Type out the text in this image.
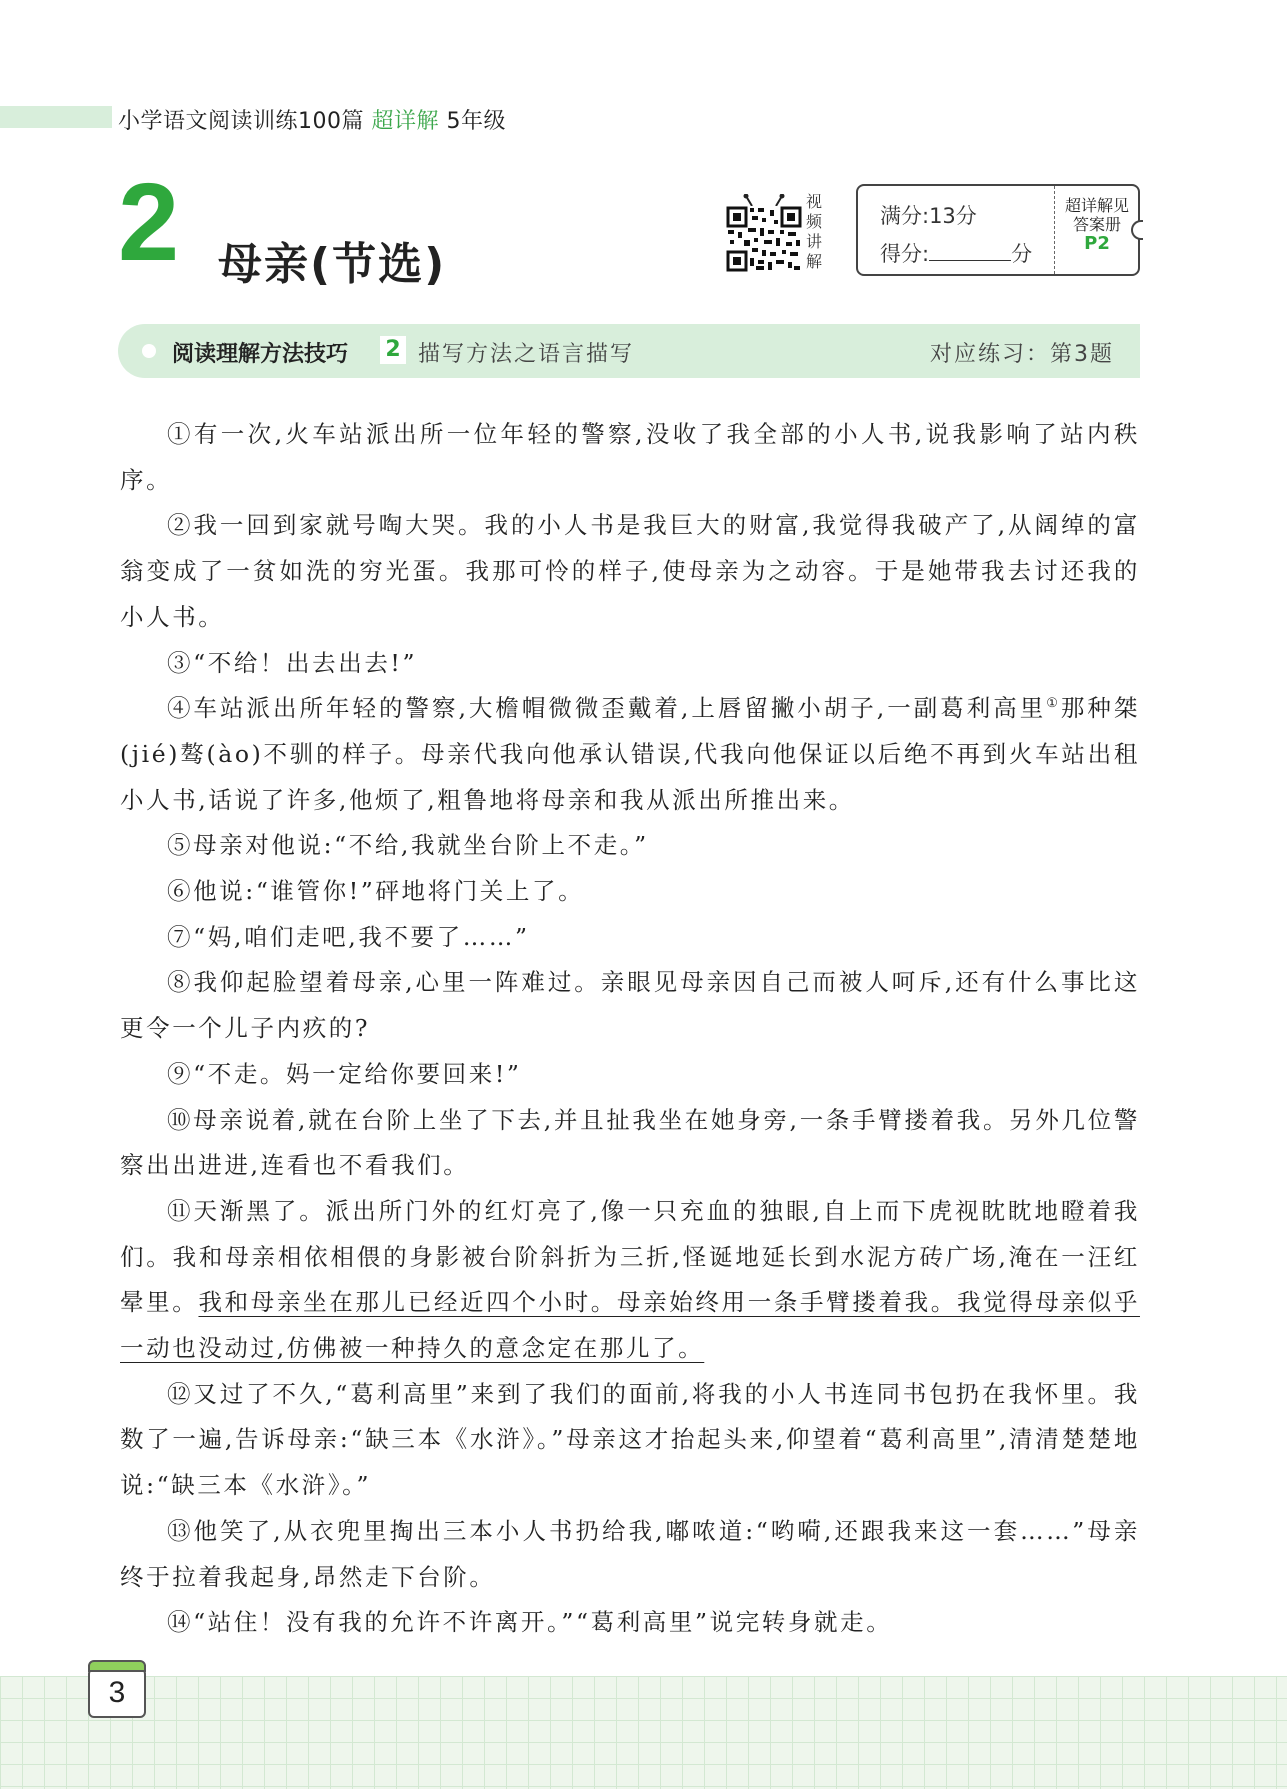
小学语文阅读训练100篇 超详解 5年级
2 母亲(节选)
视
频
讲
解
满分:13分
得分:	分
超详解见
答案册
P2
阅读理解方法技巧 2 描写方法之语言描写	对应练习：第3题

①有一次,火车站派出所一位年轻的警察,没收了我全部的小人书,说我影响了站内秩序。

②我一回到家就号啕大哭。我的小人书是我巨大的财富,我觉得我破产了,从阔绰的富翁变成了一贫如洗的穷光蛋。我那可怜的样子,使母亲为之动容。于是她带我去讨还我的小人书。

③“不给！出去出去!”

④车站派出所年轻的警察,大檐帽微微歪戴着,上唇留撇小胡子,一副葛利高里①那种桀(jié)骜(ào)不驯的样子。母亲代我向他承认错误,代我向他保证以后绝不再到火车站出租小人书,话说了许多,他烦了,粗鲁地将母亲和我从派出所推出来。

⑤母亲对他说:“不给,我就坐台阶上不走。”

⑥他说:“谁管你!”砰地将门关上了。

⑦“妈,咱们走吧,我不要了……”

⑧我仰起脸望着母亲,心里一阵难过。亲眼见母亲因自己而被人呵斥,还有什么事比这更令一个儿子内疚的?

⑨“不走。妈一定给你要回来!”

⑩母亲说着,就在台阶上坐了下去,并且扯我坐在她身旁,一条手臂搂着我。另外几位警察出出进进,连看也不看我们。

⑪天渐黑了。派出所门外的红灯亮了,像一只充血的独眼,自上而下虎视眈眈地瞪着我们。我和母亲相依相偎的身影被台阶斜折为三折,怪诞地延长到水泥方砖广场,淹在一汪红晕里。我和母亲坐在那儿已经近四个小时。母亲始终用一条手臂搂着我。我觉得母亲似乎一动也没动过,仿佛被一种持久的意念定在那儿了。

⑫又过了不久,“葛利高里”来到了我们的面前,将我的小人书连同书包扔在我怀里。我数了一遍,告诉母亲:“缺三本《水浒》。”母亲这才抬起头来,仰望着“葛利高里”,清清楚楚地说:“缺三本《水浒》。”

⑬他笑了,从衣兜里掏出三本小人书扔给我,嘟哝道:“哟嗬,还跟我来这一套……”母亲终于拉着我起身,昂然走下台阶。

⑭“站住！没有我的允许不许离开。”“葛利高里”说完转身就走。

3
